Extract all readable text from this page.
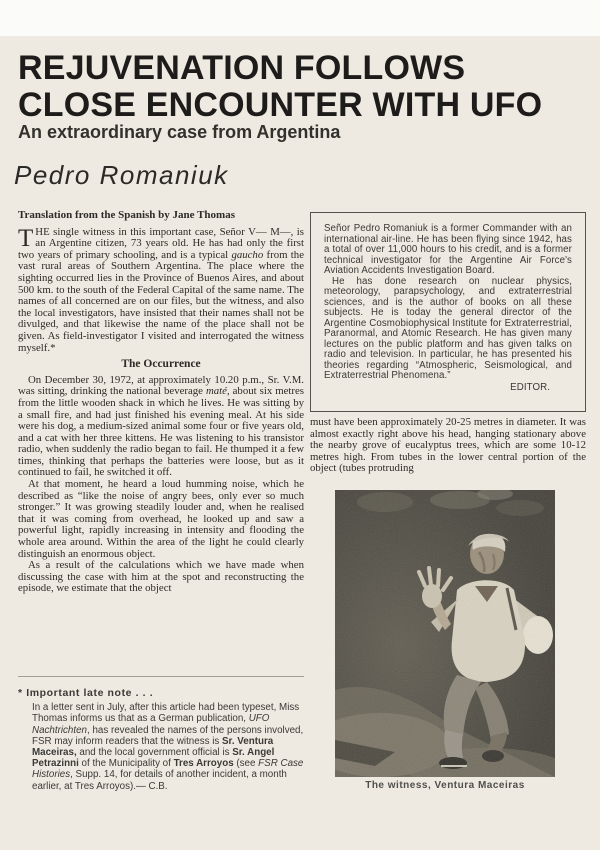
REJUVENATION FOLLOWS
CLOSE ENCOUNTER WITH UFO
An extraordinary case from Argentina
Pedro Romaniuk
Translation from the Spanish by Jane Thomas

THE single witness in this important case, Señor V— M—, is an Argentine citizen, 73 years old. He has had only the first two years of primary schooling, and is a typical gaucho from the vast rural areas of Southern Argentina. The place where the sighting occurred lies in the Province of Buenos Aires, and about 500 km. to the south of the Federal Capital of the same name. The names of all concerned are on our files, but the witness, and also the local investigators, have insisted that their names shall not be divulged, and that likewise the name of the place shall not be given. As field-investigator I visited and interrogated the witness myself.*

The Occurrence

On December 30, 1972, at approximately 10.20 p.m., Sr. V.M. was sitting, drinking the national beverage maté, about six metres from the little wooden shack in which he lives. He was sitting by a small fire, and had just finished his evening meal. At his side were his dog, a medium-sized animal some four or five years old, and a cat with her three kittens. He was listening to his transistor radio, when suddenly the radio began to fail. He thumped it a few times, thinking that perhaps the batteries were loose, but as it continued to fail, he switched it off.

At that moment, he heard a loud humming noise, which he described as “like the noise of angry bees, only ever so much stronger.” It was growing steadily louder and, when he realised that it was coming from overhead, he looked up and saw a powerful light, rapidly increasing in intensity and flooding the whole area around. Within the area of the light he could clearly distinguish an enormous object.

As a result of the calculations which we have made when discussing the case with him at the spot and reconstructing the episode, we estimate that the object

* Important late note . . .
In a letter sent in July, after this article had been typeset, Miss Thomas informs us that as a German publication, UFO Nachtrichten, has revealed the names of the persons involved, FSR may inform readers that the witness is Sr. Ventura Maceiras, and the local government official is Sr. Angel Petrazinni of the Municipality of Tres Arroyos (see FSR Case Histories, Supp. 14, for details of another incident, a month earlier, at Tres Arroyos).— C.B.

Señor Pedro Romaniuk is a former Commander with an international air-line. He has been flying since 1942, has a total of over 11,000 hours to his credit, and is a former technical investigator for the Argentine Air Force's Aviation Accidents Investigation Board.

He has done research on nuclear physics, meteorology, parapsychology, and extraterrestrial sciences, and is the author of books on all these subjects. He is today the general director of the Argentine Cosmobiophysical Institute for Extraterrestrial, Paranormal, and Atomic Research. He has given many lectures on the public platform and has given talks on radio and television. In particular, he has presented his theories regarding “Atmospheric, Seismological, and Extraterrestrial Phenomena.”

EDITOR.
must have been approximately 20-25 metres in diameter. It was almost exactly right above his head, hanging stationary above the nearby grove of eucalyptus trees, which are some 10-12 metres high. From tubes in the lower central portion of the object (tubes protruding
The witness, Ventura Maceiras
